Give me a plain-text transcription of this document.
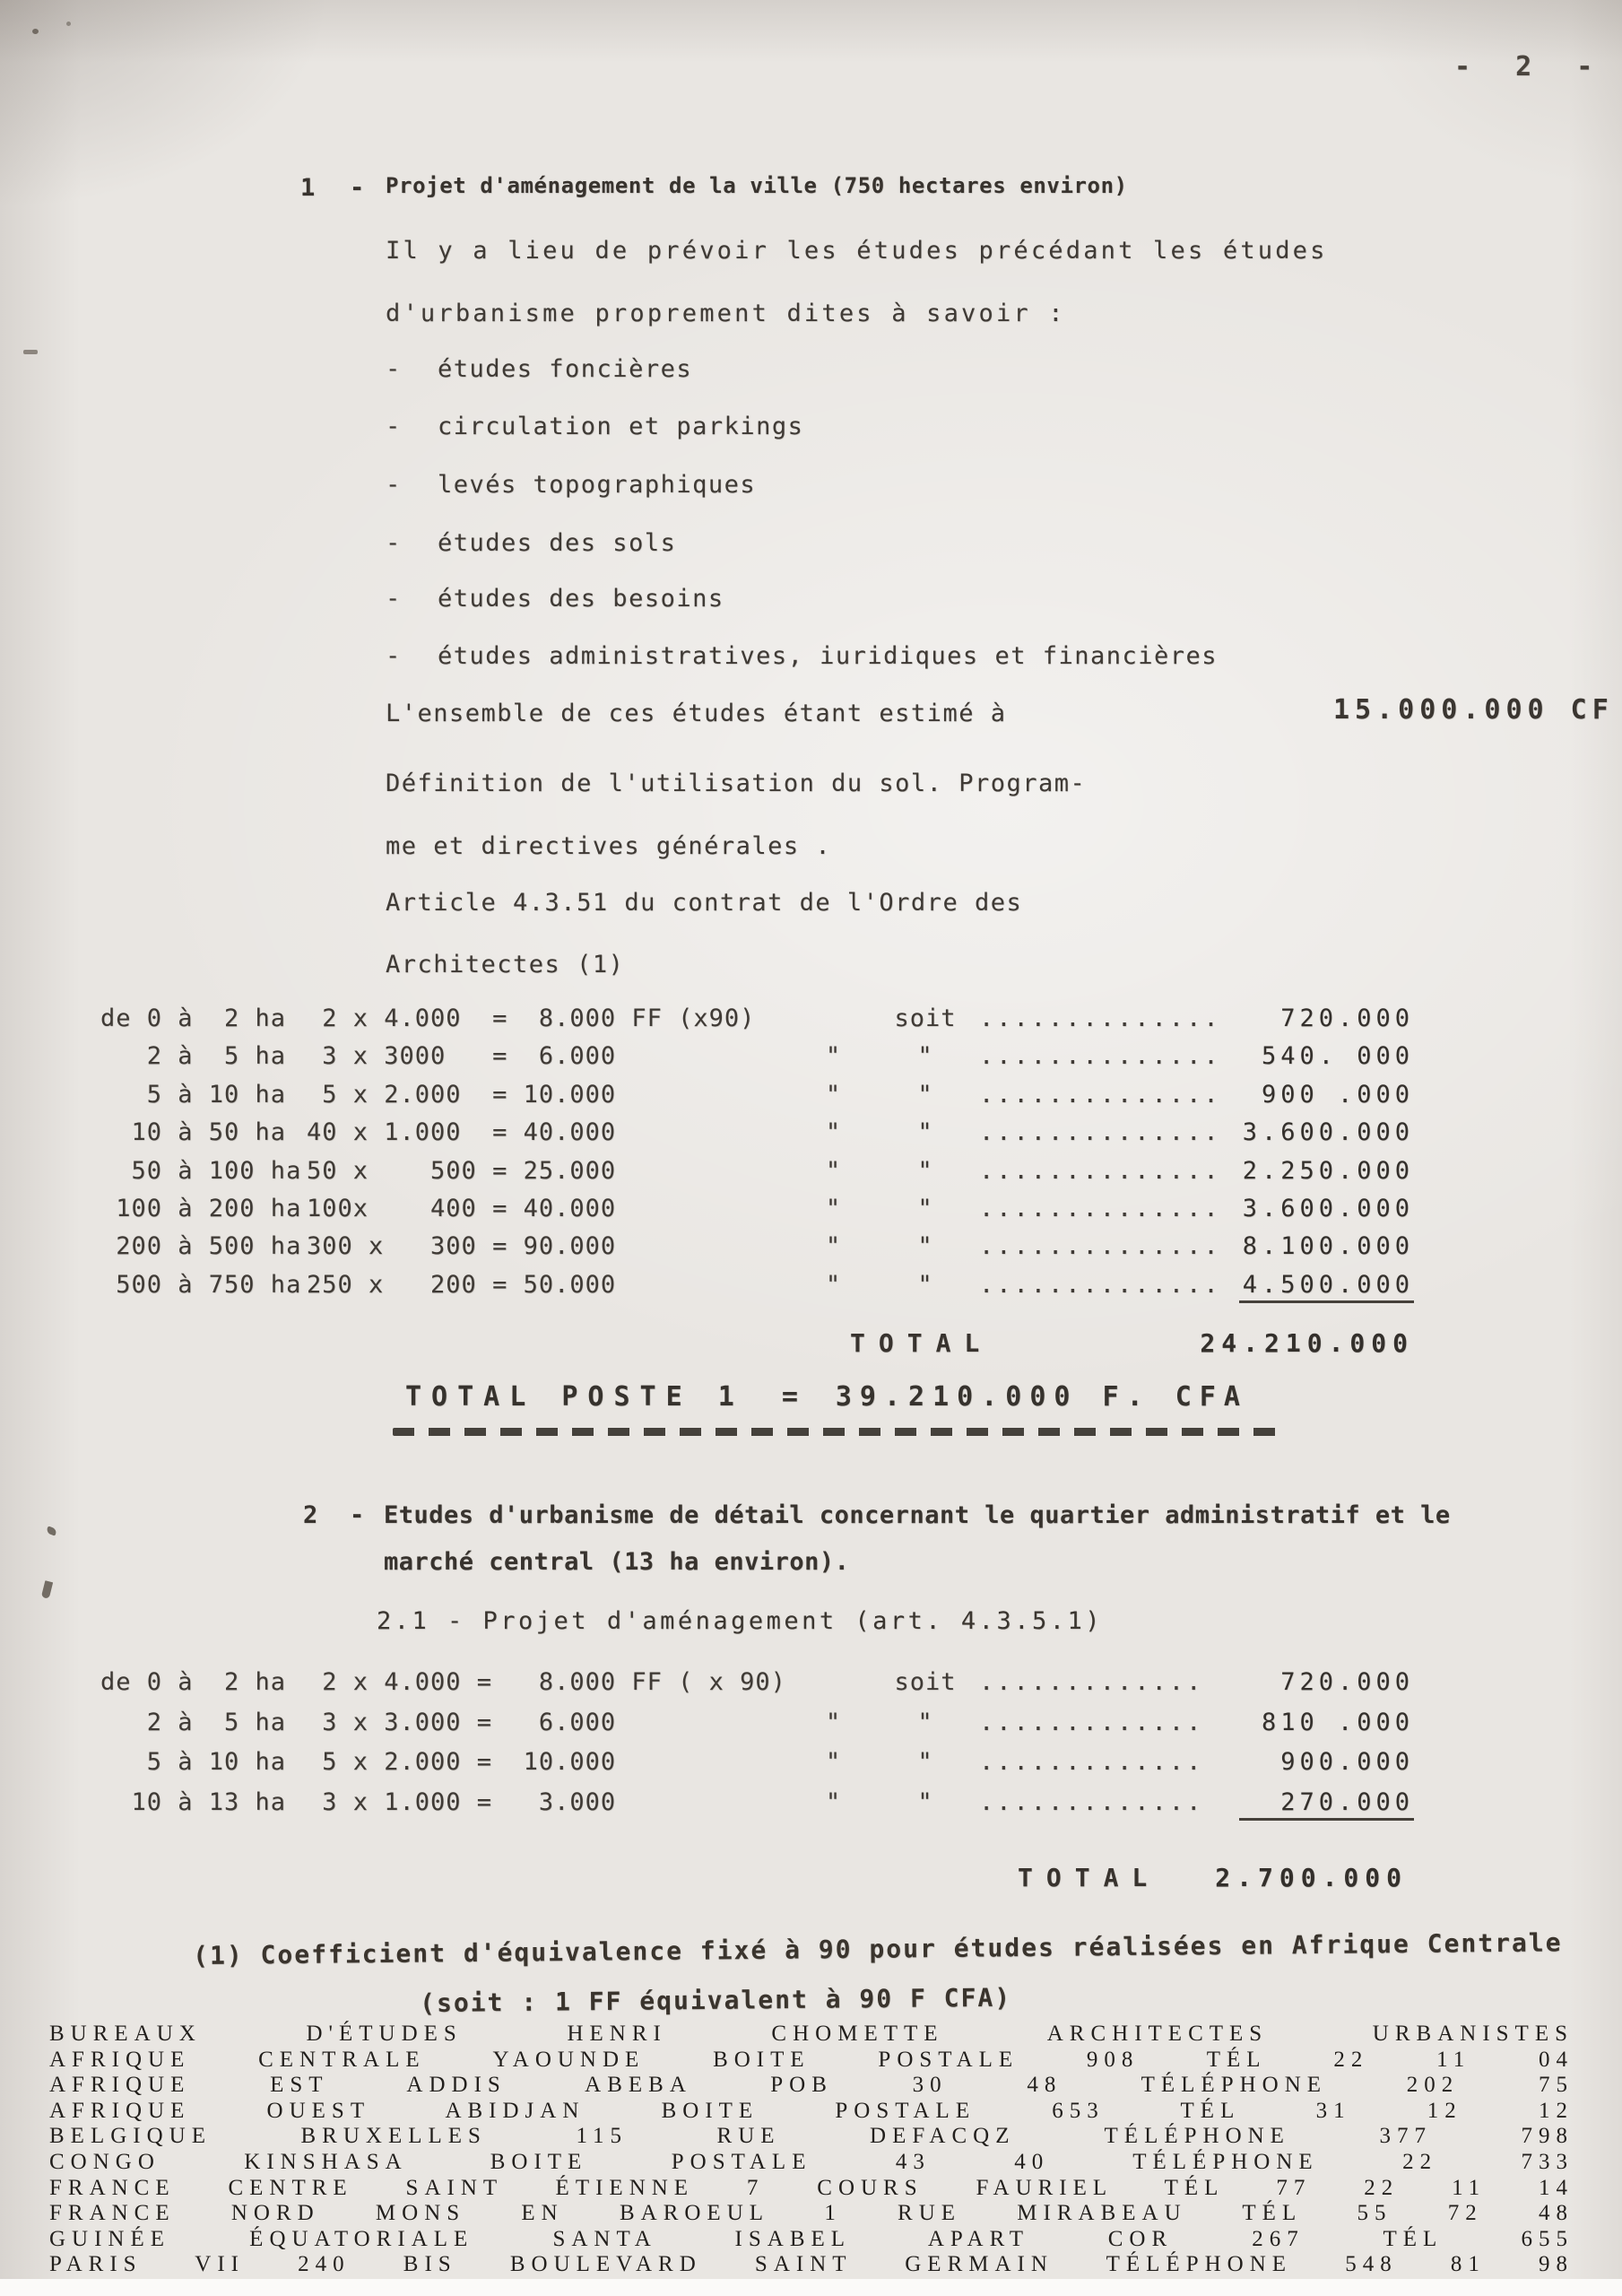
- 2 -
1	- Projet d'aménagement de la ville (750 hectares environ)
Il y a lieu de prévoir les études précédant les études
d'urbanisme proprement dites à savoir :
-	études foncières
-	circulation et parkings
-	levés topographiques
-	études des sols
-	études des besoins
-	études administratives, iuridiques et financières
L'ensemble de ces études étant estimé à	15.000.000 CF
Définition de l'utilisation du sol. Program-
me et directives générales .
Article 4.3.51 du contrat de l'Ordre des
Architectes (1)
de 0 à  2 ha 2 x 4.000  =  8.000 FF (x90)	soit ..............	720.000
2 à  5 ha 3 x 3000   =  6.000	"	"	..............	540. 000
5 à 10 ha 5 x 2.000  = 10.000	"	"	..............	900 .000
10 à 50 ha 40 x 1.000  = 40.000	"	"	.............. 3.600.000
50 à 100 ha 50 x    500 = 25.000	"	"	.............. 2.250.000
100 à 200 ha 100x    400 = 40.000	"	"	.............. 3.600.000
200 à 500 ha 300 x   300 = 90.000	"	"	.............. 8.100.000
500 à 750 ha 250 x   200 = 50.000	"	"	.............. 4.500.000
TOTAL	24.210.000
TOTAL POSTE 1 = 39.210.000 F. CFA
2	- Etudes d'urbanisme de détail concernant le quartier administratif et le
marché central (13 ha environ).
2.1 - Projet d'aménagement (art. 4.3.5.1)
de 0 à  2 ha 2 x 4.000 =   8.000 FF ( x 90)	soit .............	720.000
2 à  5 ha 3 x 3.000 =   6.000	"	"	.............	810 .000
5 à 10 ha 5 x 2.000 =  10.000	"	"	.............	900.000
10 à 13 ha 3 x 1.000 =   3.000	"	"	.............	270.000
TOTAL	2.700.000
(1) Coefficient d'équivalence fixé à 90 pour études réalisées en Afrique Centrale
(soit : 1 FF équivalent à 90 F CFA)
BUREAUX D'ÉTUDES HENRI CHOMETTE ARCHITECTES URBANISTES
AFRIQUE CENTRALE YAOUNDE BOITE POSTALE 908 TÉL 22 11 04
AFRIQUE EST ADDIS ABEBA POB 30 48 TÉLÉPHONE 202 75
AFRIQUE OUEST ABIDJAN BOITE POSTALE 653 TÉL 31 12 12
BELGIQUE BRUXELLES 115 RUE DEFACQZ TÉLÉPHONE 377 798
CONGO KINSHASA BOITE POSTALE 43 40 TÉLÉPHONE 22 733
FRANCE CENTRE SAINT ÉTIENNE 7 COURS FAURIEL TÉL 77 22 11 14
FRANCE NORD MONS EN BAROEUL 1 RUE MIRABEAU TÉL 55 72 48
GUINÉE ÉQUATORIALE SANTA ISABEL APART COR 267 TÉL 655
PARIS VII 240 BIS BOULEVARD SAINT GERMAIN TÉLÉPHONE 548 81 98
